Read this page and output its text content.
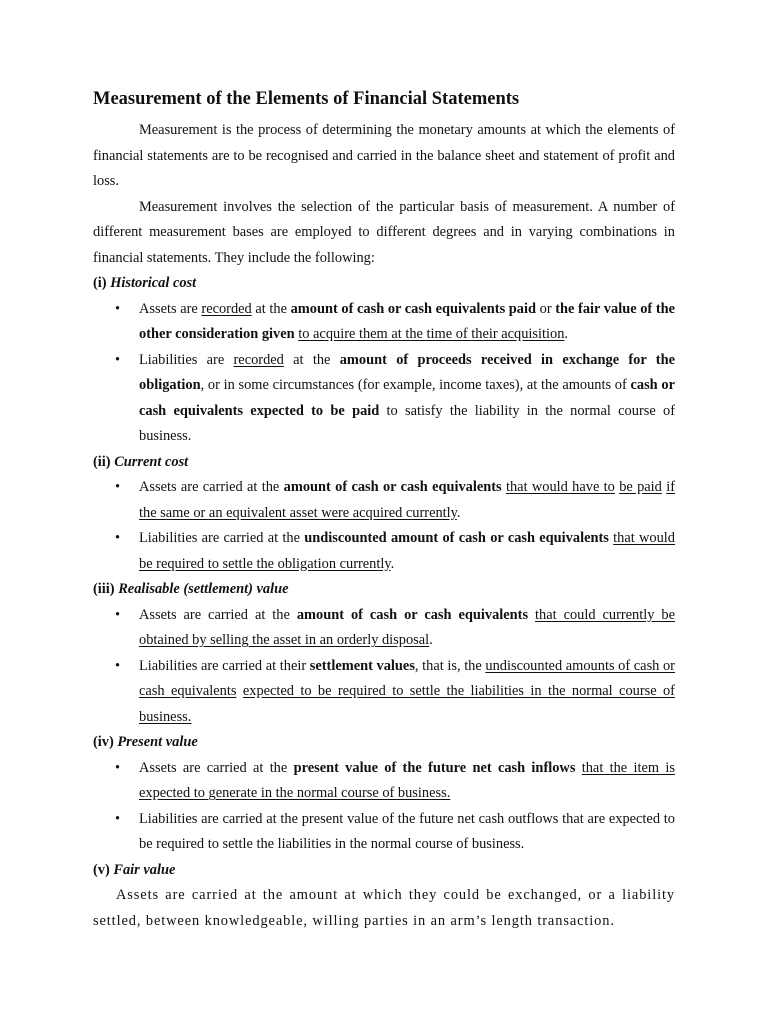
Measurement of the Elements of Financial Statements

Measurement is the process of determining the monetary amounts at which the elements of financial statements are to be recognised and carried in the balance sheet and statement of profit and loss.

Measurement involves the selection of the particular basis of measurement. A number of different measurement bases are employed to different degrees and in varying combinations in financial statements. They include the following:

(i) Historical cost
• Assets are recorded at the amount of cash or cash equivalents paid or the fair value of the other consideration given to acquire them at the time of their acquisition.
• Liabilities are recorded at the amount of proceeds received in exchange for the obligation, or in some circumstances (for example, income taxes), at the amounts of cash or cash equivalents expected to be paid to satisfy the liability in the normal course of business.
(ii) Current cost
• Assets are carried at the amount of cash or cash equivalents that would have to be paid if the same or an equivalent asset were acquired currently.
• Liabilities are carried at the undiscounted amount of cash or cash equivalents that would be required to settle the obligation currently.
(iii) Realisable (settlement) value
• Assets are carried at the amount of cash or cash equivalents that could currently be obtained by selling the asset in an orderly disposal.
• Liabilities are carried at their settlement values, that is, the undiscounted amounts of cash or cash equivalents expected to be required to settle the liabilities in the normal course of business.
(iv) Present value
• Assets are carried at the present value of the future net cash inflows that the item is expected to generate in the normal course of business.
• Liabilities are carried at the present value of the future net cash outflows that are expected to be required to settle the liabilities in the normal course of business.
(v) Fair value

Assets are carried at the amount at which they could be exchanged, or a liability settled, between knowledgeable, willing parties in an arm’s length transaction.
